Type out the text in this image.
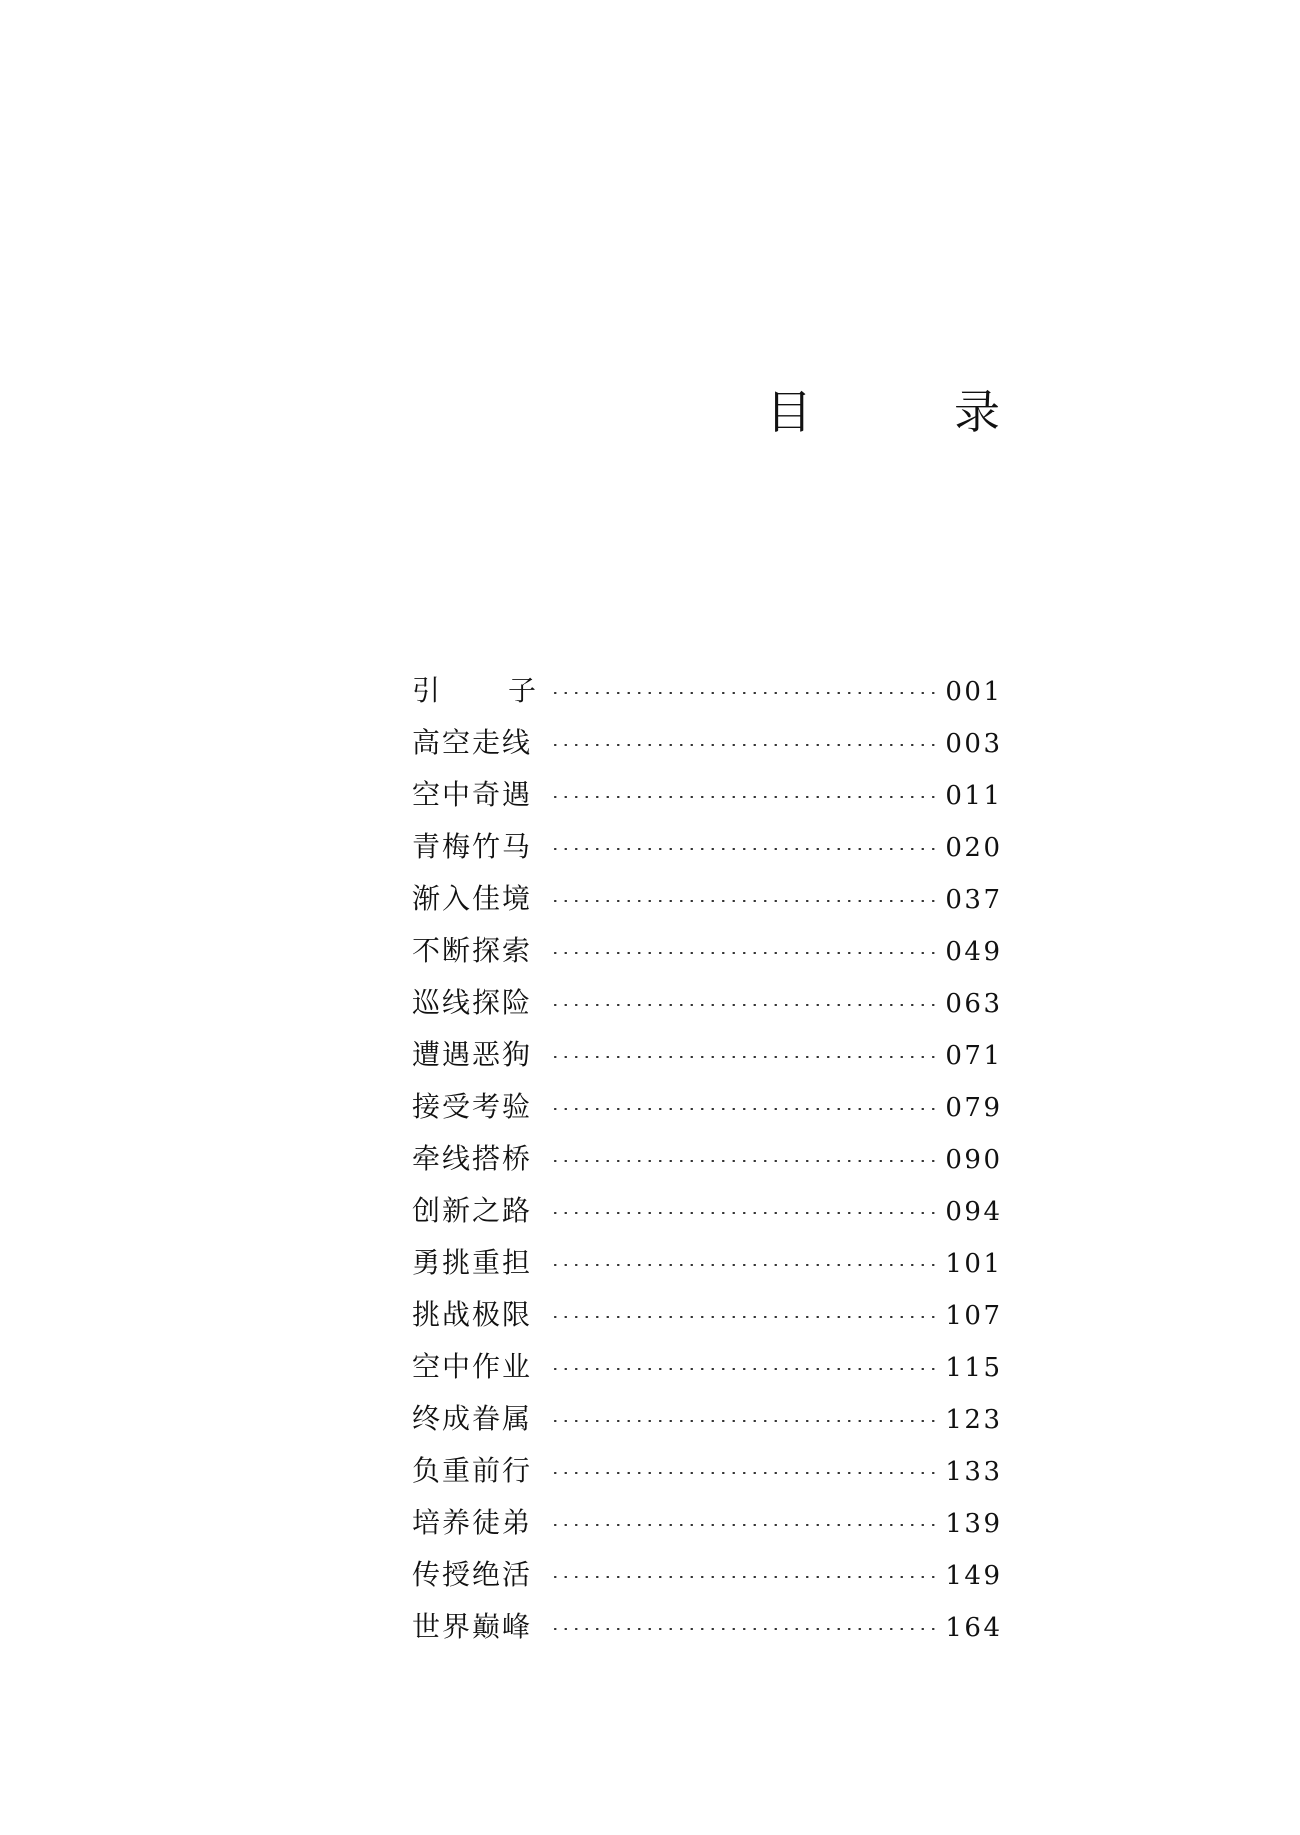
目　录
引　子	001
高空走线	003
空中奇遇	011
青梅竹马	020
渐入佳境	037
不断探索	049
巡线探险	063
遭遇恶狗	071
接受考验	079
牵线搭桥	090
创新之路	094
勇挑重担	101
挑战极限	107
空中作业	115
终成眷属	123
负重前行	133
培养徒弟	139
传授绝活	149
世界巅峰	164
